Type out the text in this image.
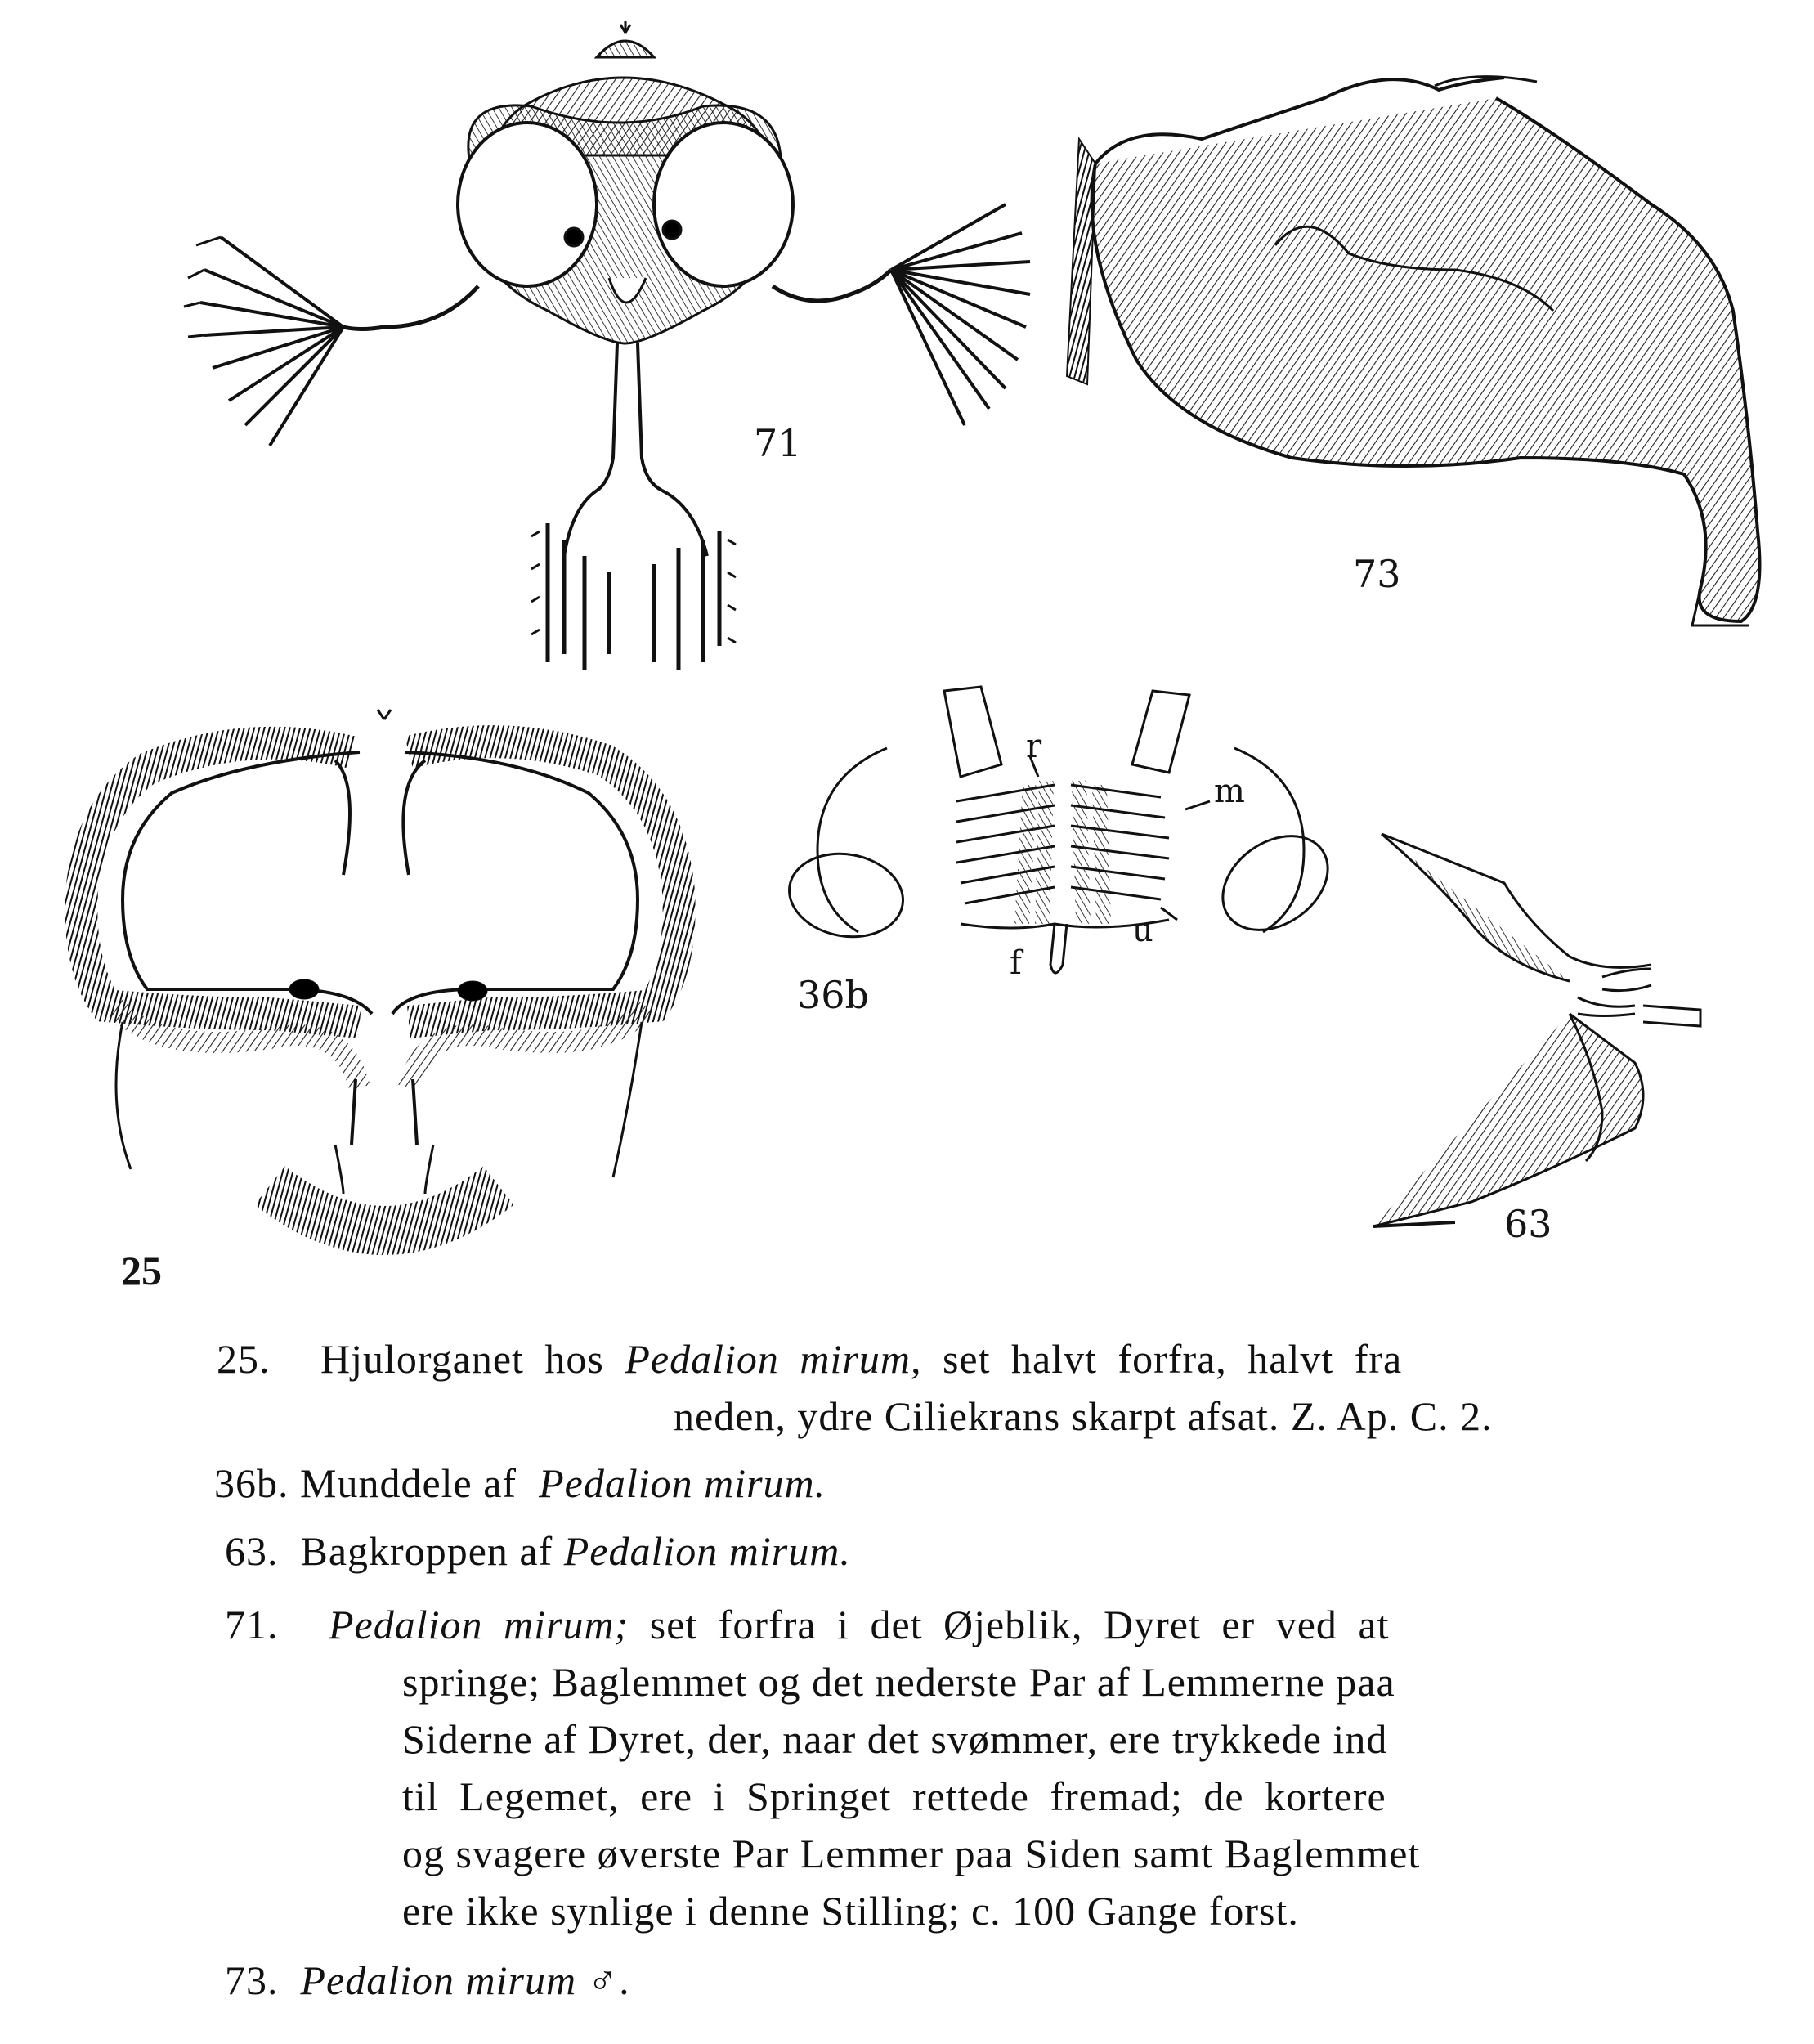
71
73
25
36b
63
r
m
u
f
25. Hjulorganet hos Pedalion mirum, set halvt forfra, halvt fra
neden, ydre Ciliekrans skarpt afsat. Z. Ap. C. 2.
36b. Munddele af Pedalion mirum.
63. Bagkroppen af Pedalion mirum.
71. Pedalion mirum; set forfra i det Øjeblik, Dyret er ved at
springe; Baglemmet og det nederste Par af Lemmerne paa
Siderne af Dyret, der, naar det svømmer, ere trykkede ind
til Legemet, ere i Springet rettede fremad; de kortere
og svagere øverste Par Lemmer paa Siden samt Baglemmet
ere ikke synlige i denne Stilling; c. 100 Gange forst.
73. Pedalion mirum ♂.
